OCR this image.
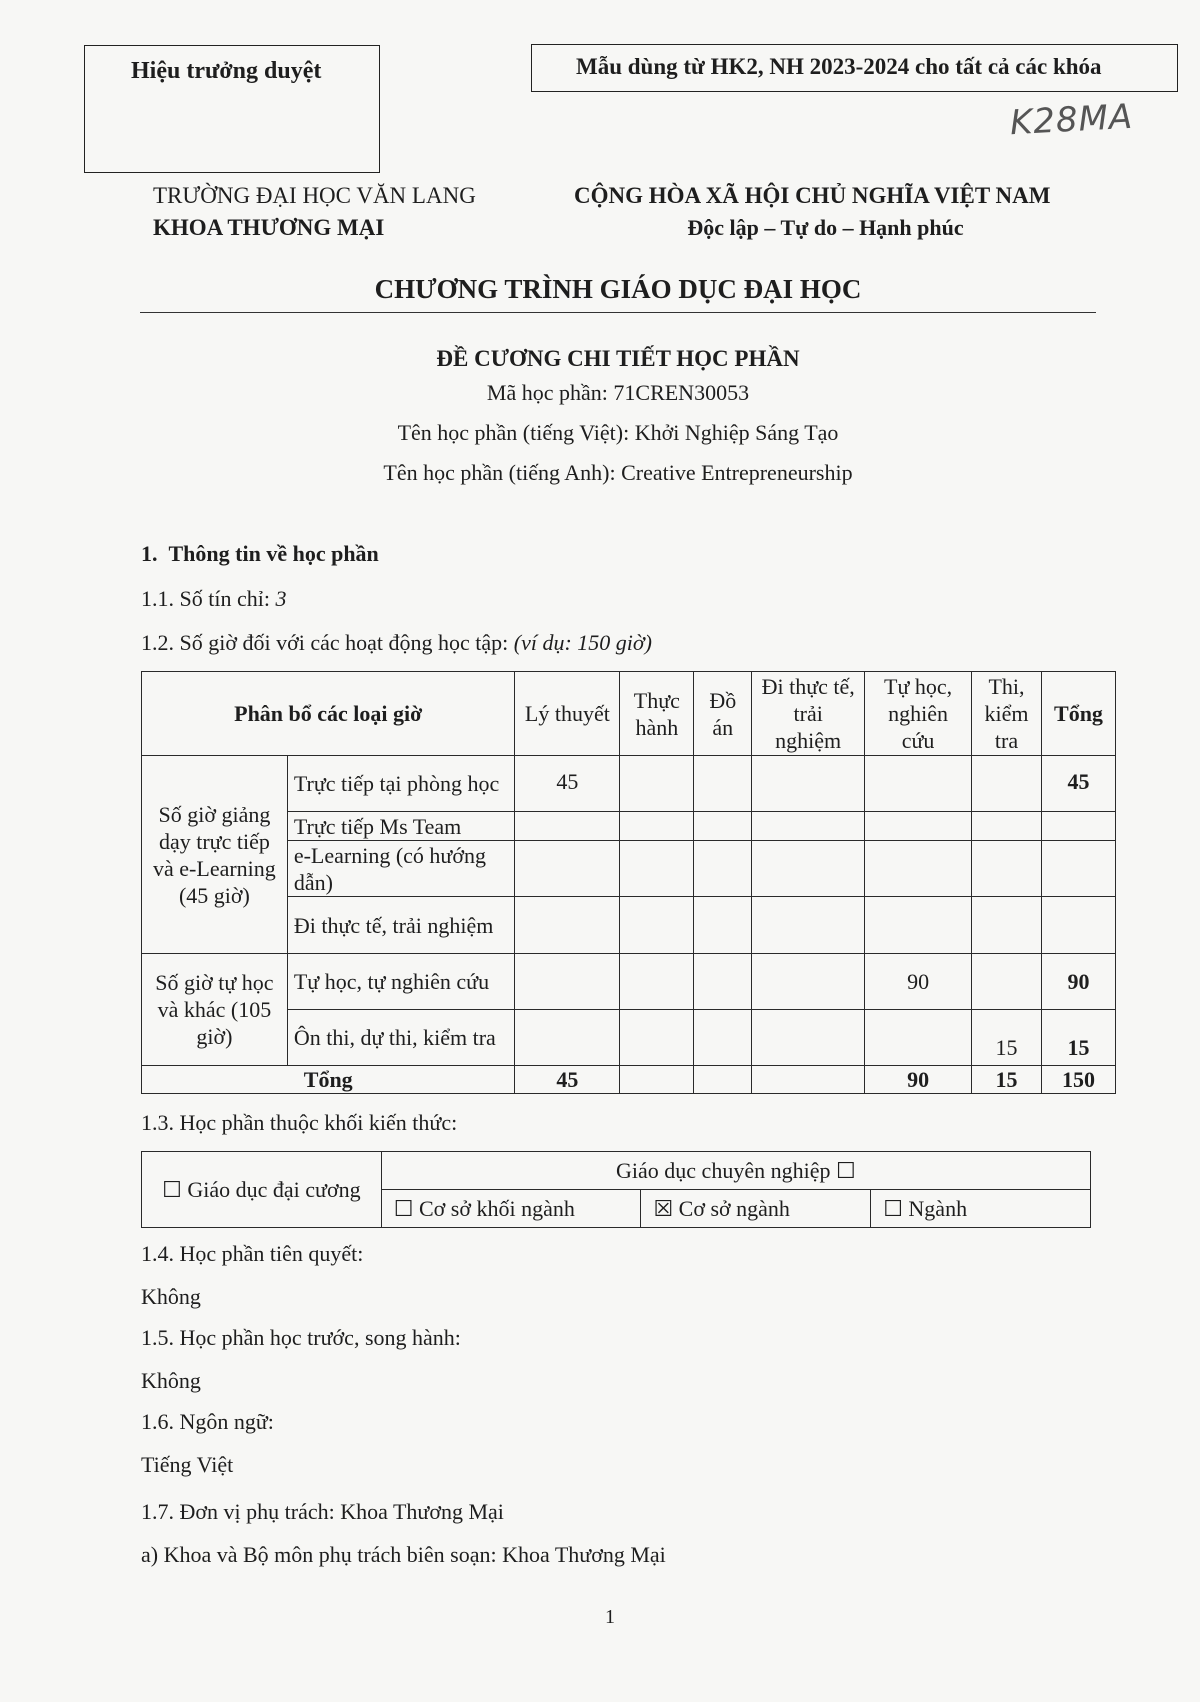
Hiệu trưởng duyệt	Mẫu dùng từ HK2, NH 2023-2024 cho tất cả các khóa
K28MA
TRƯỜNG ĐẠI HỌC VĂN LANG
KHOA THƯƠNG MẠI
CỘNG HÒA XÃ HỘI CHỦ NGHĨA VIỆT NAM
Độc lập – Tự do – Hạnh phúc
CHƯƠNG TRÌNH GIÁO DỤC ĐẠI HỌC
ĐỀ CƯƠNG CHI TIẾT HỌC PHẦN
Mã học phần: 71CREN30053
Tên học phần (tiếng Việt): Khởi Nghiệp Sáng Tạo
Tên học phần (tiếng Anh): Creative Entrepreneurship
1. Thông tin về học phần
1.1. Số tín chỉ: 3
1.2. Số giờ đối với các hoạt động học tập: (ví dụ: 150 giờ)
Phân bổ các loại giờ		Lý thuyết	Thực hành	Đồ án	Đi thực tế, trải nghiệm	Tự học, nghiên cứu	Thi, kiểm tra	Tổng
Số giờ giảng dạy trực tiếp và e-Learning (45 giờ)	Trực tiếp tại phòng học	45						45
	Trực tiếp Ms Team							
	e-Learning (có hướng dẫn)							
	Đi thực tế, trải nghiệm							
Số giờ tự học và khác (105 giờ)	Tự học, tự nghiên cứu					90		90
	Ôn thi, dự thi, kiểm tra						15	15
Tổng		45				90	15	150
1.3. Học phần thuộc khối kiến thức:
☐ Giáo dục đại cương	Giáo dục chuyên nghiệp ☐		
	☐ Cơ sở khối ngành	☒ Cơ sở ngành	☐ Ngành
1.4. Học phần tiên quyết:
Không
1.5. Học phần học trước, song hành:
Không
1.6. Ngôn ngữ:
Tiếng Việt
1.7. Đơn vị phụ trách: Khoa Thương Mại
a) Khoa và Bộ môn phụ trách biên soạn: Khoa Thương Mại
1
